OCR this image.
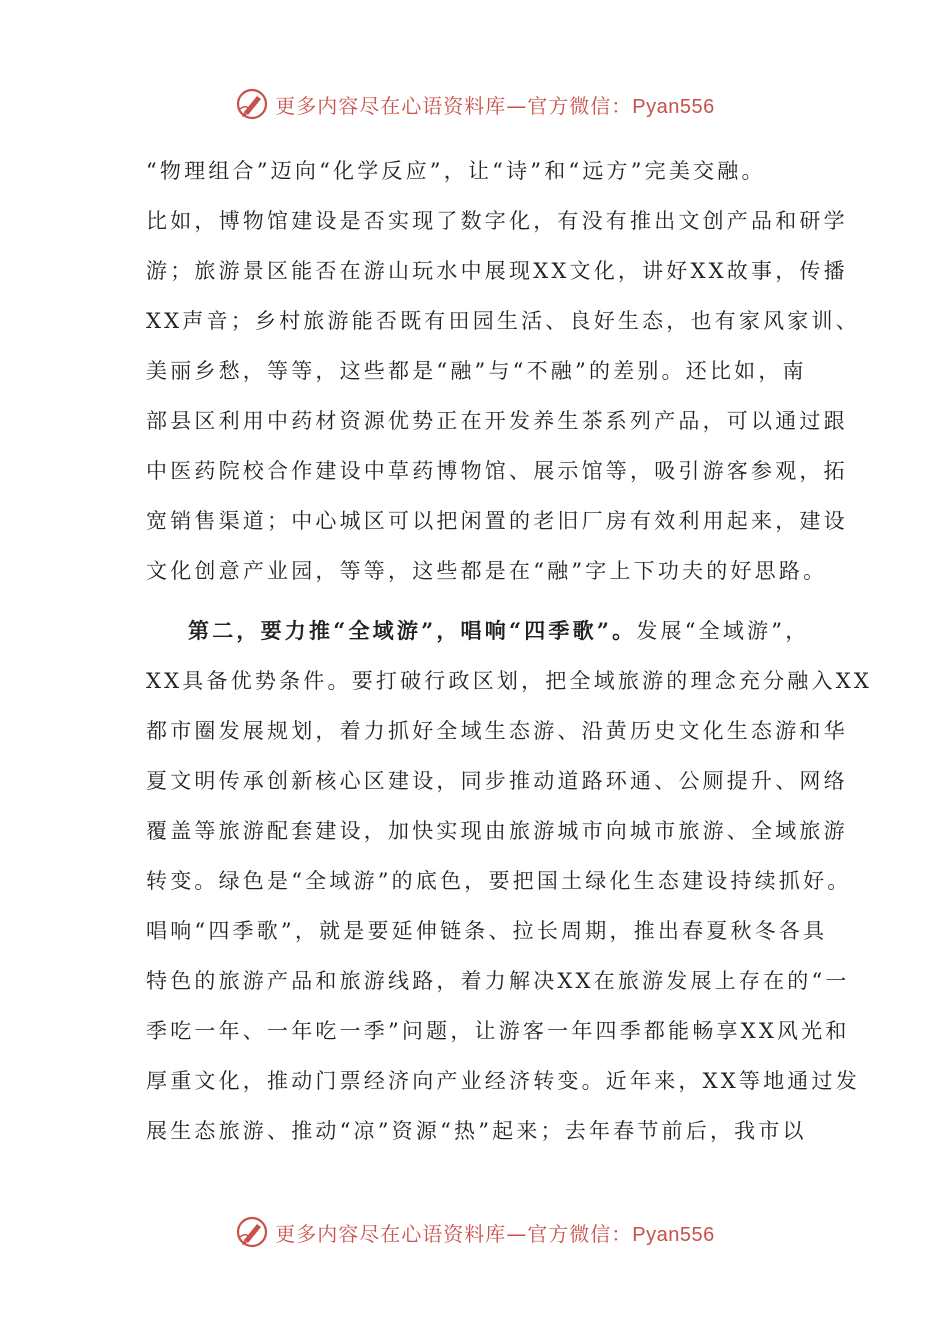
更多内容尽在心语资料库—官方微信：Pyan556

“物理组合”迈向“化学反应”，让“诗”和“远方”完美交融。
比如，博物馆建设是否实现了数字化，有没有推出文创产品和研学
游；旅游景区能否在游山玩水中展现XX文化，讲好XX故事，传播
XX声音；乡村旅游能否既有田园生活、良好生态，也有家风家训、
美丽乡愁，等等，这些都是“融”与“不融”的差别。还比如，南
部县区利用中药材资源优势正在开发养生茶系列产品，可以通过跟
中医药院校合作建设中草药博物馆、展示馆等，吸引游客参观，拓
宽销售渠道；中心城区可以把闲置的老旧厂房有效利用起来，建设
文化创意产业园，等等，这些都是在“融”字上下功夫的好思路。

第二，要力推“全域游”，唱响“四季歌”。发展“全域游”，
XX具备优势条件。要打破行政区划，把全域旅游的理念充分融入XX
都市圈发展规划，着力抓好全域生态游、沿黄历史文化生态游和华
夏文明传承创新核心区建设，同步推动道路环通、公厕提升、网络
覆盖等旅游配套建设，加快实现由旅游城市向城市旅游、全域旅游
转变。绿色是“全域游”的底色，要把国土绿化生态建设持续抓好。
唱响“四季歌”，就是要延伸链条、拉长周期，推出春夏秋冬各具
特色的旅游产品和旅游线路，着力解决XX在旅游发展上存在的“一
季吃一年、一年吃一季”问题，让游客一年四季都能畅享XX风光和
厚重文化，推动门票经济向产业经济转变。近年来，XX等地通过发
展生态旅游、推动“凉”资源“热”起来；去年春节前后，我市以

更多内容尽在心语资料库—官方微信：Pyan556
